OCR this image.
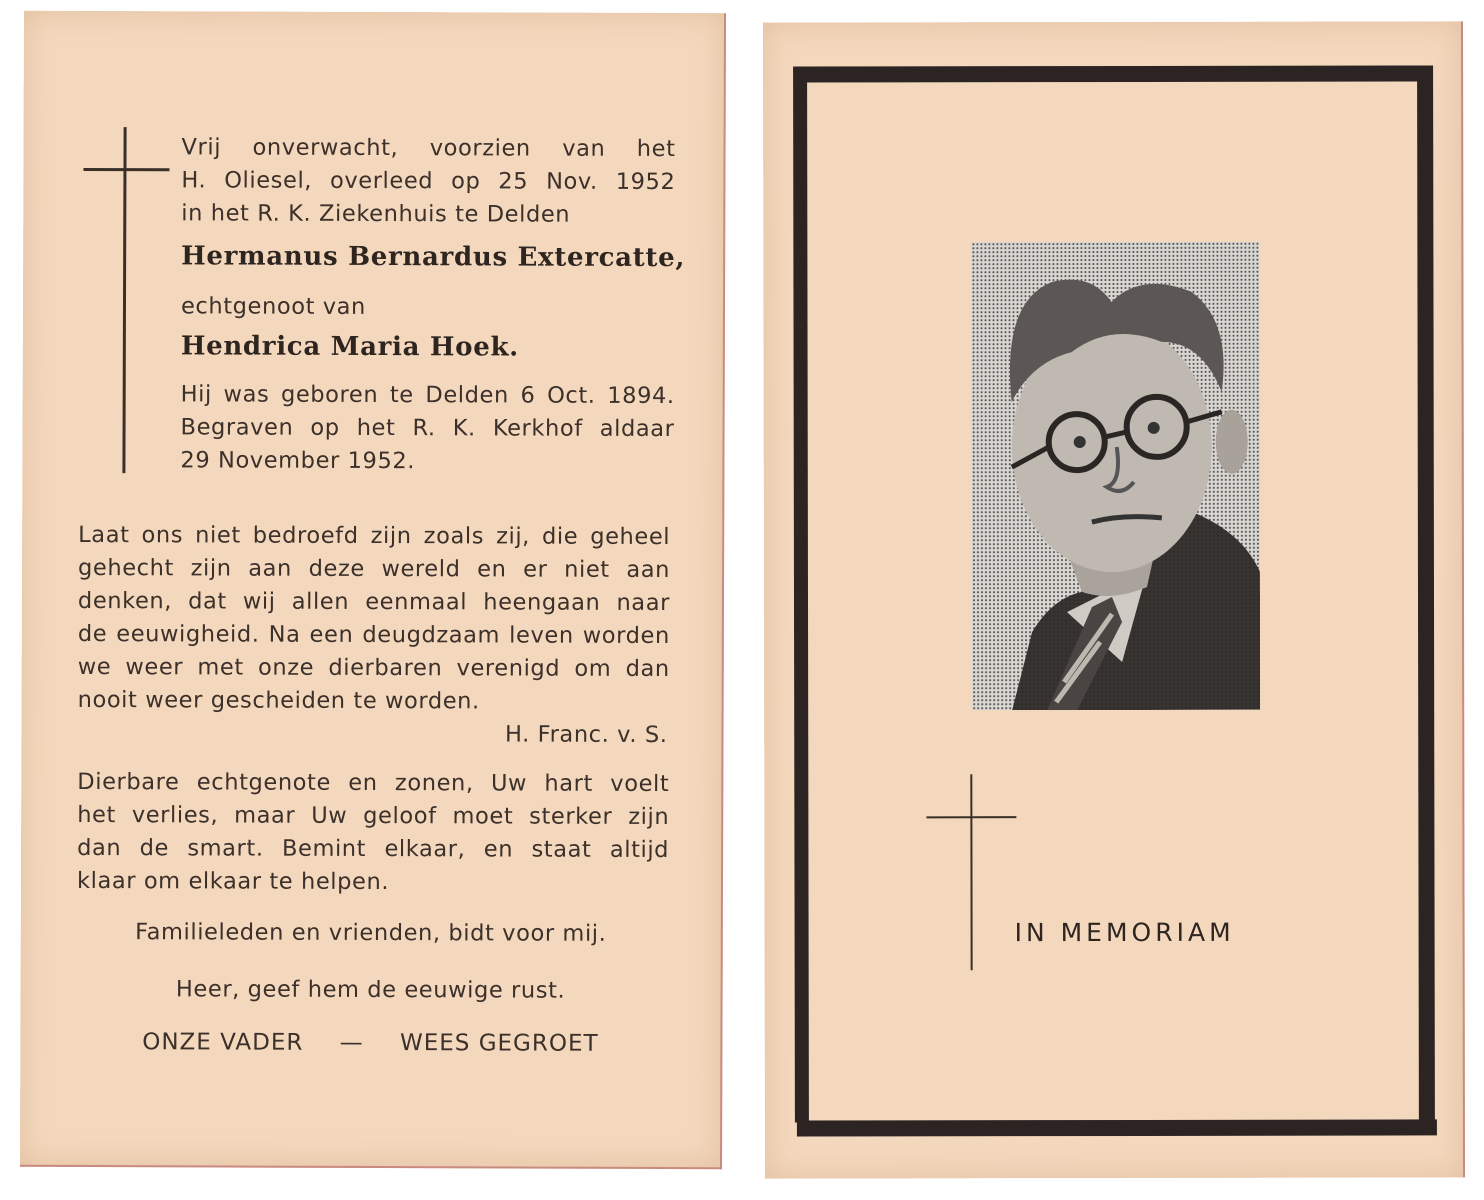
Vrij onverwacht, voorzien van het
H. Oliesel, overleed op 25 Nov. 1952
in het R. K. Ziekenhuis te Delden
Hermanus Bernardus Extercatte,
echtgenoot van
Hendrica Maria Hoek.
Hij was geboren te Delden 6 Oct. 1894.
Begraven op het R. K. Kerkhof aldaar
29 November 1952.
Laat ons niet bedroefd zijn zoals zij, die geheel
gehecht zijn aan deze wereld en er niet aan
denken, dat wij allen eenmaal heengaan naar
de eeuwigheid. Na een deugdzaam leven worden
we weer met onze dierbaren verenigd om dan
nooit weer gescheiden te worden.
H. Franc. v. S.
Dierbare echtgenote en zonen, Uw hart voelt
het verlies, maar Uw geloof moet sterker zijn
dan de smart. Bemint elkaar, en staat altijd
klaar om elkaar te helpen.
Familieleden en vrienden, bidt voor mij.
Heer, geef hem de eeuwige rust.
ONZE VADER — WEES GEGROET
IN MEMORIAM
